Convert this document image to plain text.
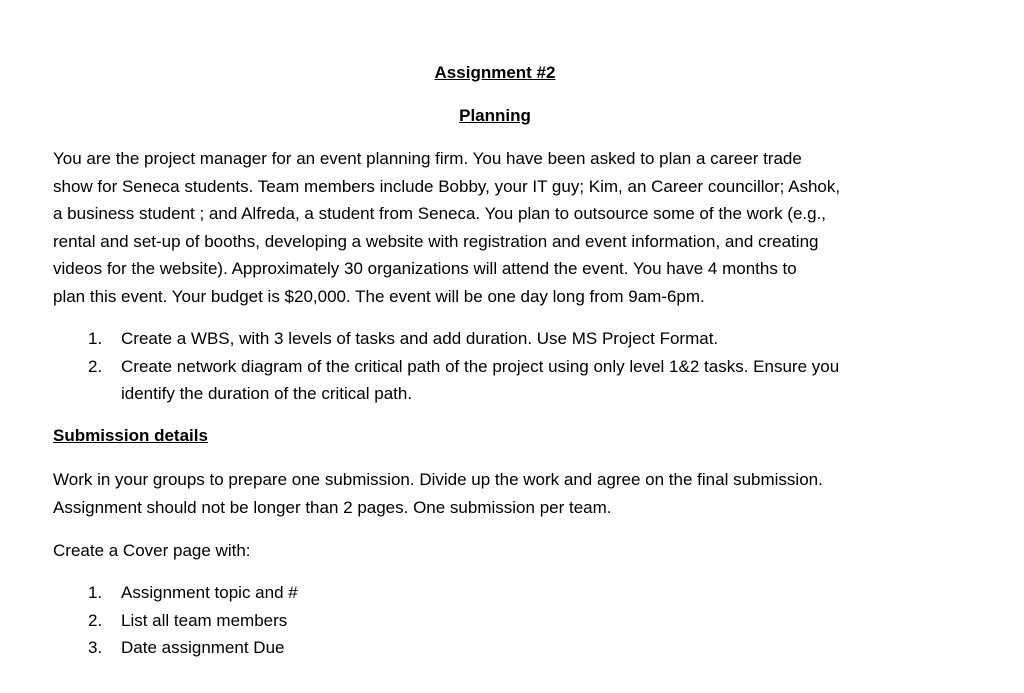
Assignment #2
Planning
You are the project manager for an event planning firm. You have been asked to plan a career trade
show for Seneca students. Team members include Bobby, your IT guy; Kim, an Career councillor; Ashok,
a business student ; and Alfreda, a student from Seneca. You plan to outsource some of the work (e.g.,
rental and set-up of booths, developing a website with registration and event information, and creating
videos for the website). Approximately 30 organizations will attend the event. You have 4 months to
plan this event. Your budget is $20,000. The event will be one day long from 9am-6pm.
1. Create a WBS, with 3 levels of tasks and add duration. Use MS Project Format.
2. Create network diagram of the critical path of the project using only level 1&2 tasks. Ensure you
identify the duration of the critical path.
Submission details
Work in your groups to prepare one submission. Divide up the work and agree on the final submission.
Assignment should not be longer than 2 pages. One submission per team.
Create a Cover page with:
1. Assignment topic and #
2. List all team members
3. Date assignment Due
